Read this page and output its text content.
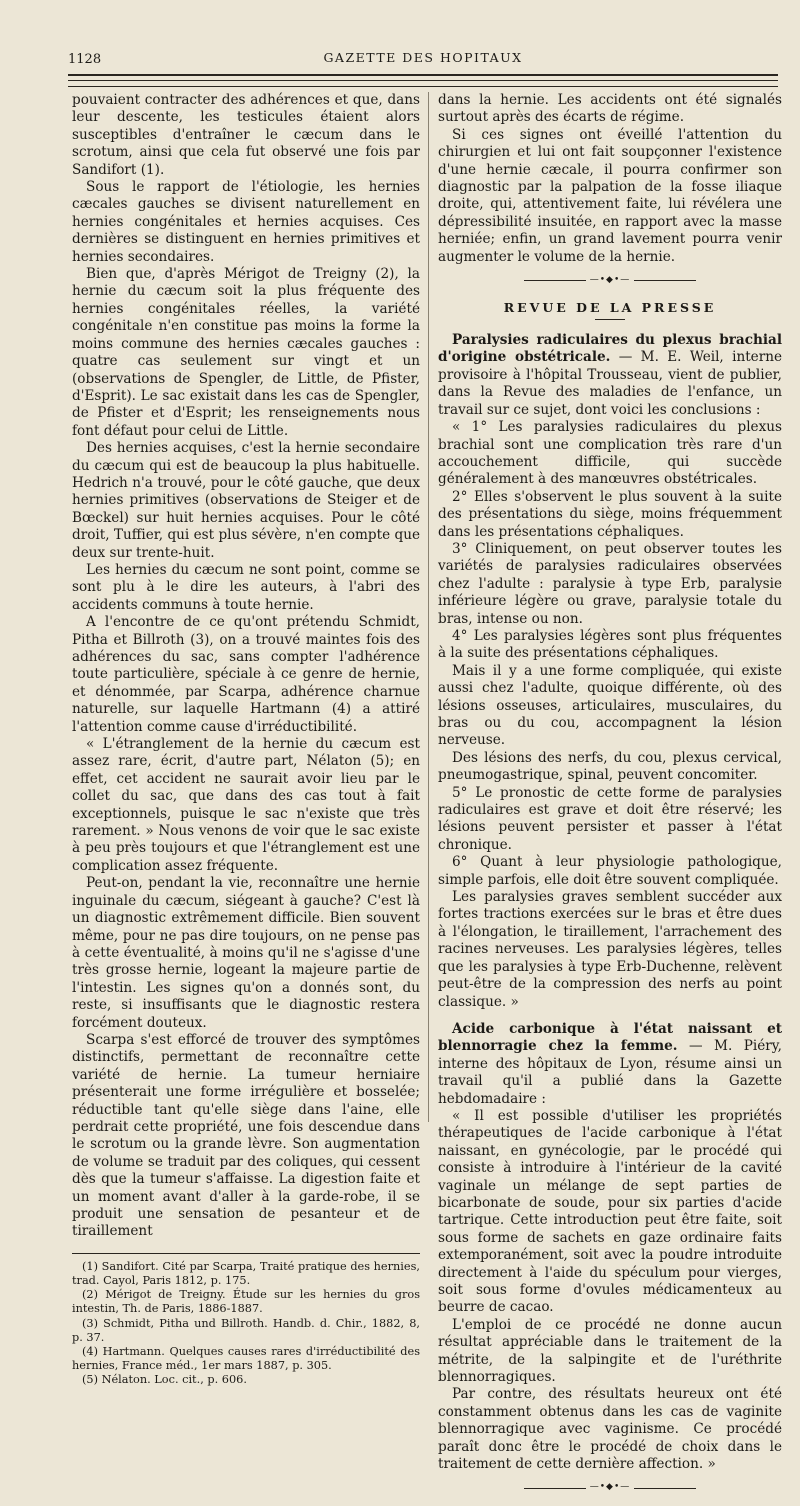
1128	GAZETTE DES HOPITAUX

pouvaient contracter des adhérences et que, dans leur descente, les testicules étaient alors susceptibles d'entraîner le cæcum dans le scrotum, ainsi que cela fut observé une fois par Sandifort (1).

Sous le rapport de l'étiologie, les hernies cæcales gauches se divisent naturellement en hernies congénitales et hernies acquises. Ces dernières se distinguent en hernies primitives et hernies secondaires.

Bien que, d'après Mérigot de Treigny (2), la hernie du cæcum soit la plus fréquente des hernies congénitales réelles, la variété congénitale n'en constitue pas moins la forme la moins commune des hernies cæcales gauches : quatre cas seulement sur vingt et un (observations de Spengler, de Little, de Pfister, d'Esprit). Le sac existait dans les cas de Spengler, de Pfister et d'Esprit; les renseignements nous font défaut pour celui de Little.

Des hernies acquises, c'est la hernie secondaire du cæcum qui est de beaucoup la plus habituelle. Hedrich n'a trouvé, pour le côté gauche, que deux hernies primitives (observations de Steiger et de Bœckel) sur huit hernies acquises. Pour le côté droit, Tuffier, qui est plus sévère, n'en compte que deux sur trente-huit.

Les hernies du cæcum ne sont point, comme se sont plu à le dire les auteurs, à l'abri des accidents communs à toute hernie.

A l'encontre de ce qu'ont prétendu Schmidt, Pitha et Billroth (3), on a trouvé maintes fois des adhérences du sac, sans compter l'adhérence toute particulière, spéciale à ce genre de hernie, et dénommée, par Scarpa, adhérence charnue naturelle, sur laquelle Hartmann (4) a attiré l'attention comme cause d'irréductibilité.

« L'étranglement de la hernie du cæcum est assez rare, écrit, d'autre part, Nélaton (5); en effet, cet accident ne saurait avoir lieu par le collet du sac, que dans des cas tout à fait exceptionnels, puisque le sac n'existe que très rarement. » Nous venons de voir que le sac existe à peu près toujours et que l'étranglement est une complication assez fréquente.

Peut-on, pendant la vie, reconnaître une hernie inguinale du cæcum, siégeant à gauche? C'est là un diagnostic extrêmement difficile. Bien souvent même, pour ne pas dire toujours, on ne pense pas à cette éventualité, à moins qu'il ne s'agisse d'une très grosse hernie, logeant la majeure partie de l'intestin. Les signes qu'on a donnés sont, du reste, si insuffisants que le diagnostic restera forcément douteux.

Scarpa s'est efforcé de trouver des symptômes distinctifs, permettant de reconnaître cette variété de hernie. La tumeur herniaire présenterait une forme irrégulière et bosselée; réductible tant qu'elle siège dans l'aine, elle perdrait cette propriété, une fois descendue dans le scrotum ou la grande lèvre. Son augmentation de volume se traduit par des coliques, qui cessent dès que la tumeur s'affaisse. La digestion faite et un moment avant d'aller à la garde-robe, il se produit une sensation de pesanteur et de tiraillement

(1) Sandifort. Cité par Scarpa, Traité pratique des hernies, trad. Cayol, Paris 1812, p. 175.

(2) Mérigot de Treigny. Étude sur les hernies du gros intestin, Th. de Paris, 1886-1887.

(3) Schmidt, Pitha und Billroth. Handb. d. Chir., 1882, 8, p. 37.

(4) Hartmann. Quelques causes rares d'irréductibilité des hernies, France méd., 1er mars 1887, p. 305.

(5) Nélaton. Loc. cit., p. 606.

dans la hernie. Les accidents ont été signalés surtout après des écarts de régime.

Si ces signes ont éveillé l'attention du chirurgien et lui ont fait soupçonner l'existence d'une hernie cæcale, il pourra confirmer son diagnostic par la palpation de la fosse iliaque droite, qui, attentivement faite, lui révélera une dépressibilité insuitée, en rapport avec la masse herniée; enfin, un grand lavement pourra venir augmenter le volume de la hernie.

—•◆•—
REVUE DE LA PRESSE

Paralysies radiculaires du plexus brachial d'origine obstétricale. — M. E. Weil, interne provisoire à l'hôpital Trousseau, vient de publier, dans la Revue des maladies de l'enfance, un travail sur ce sujet, dont voici les conclusions :

« 1° Les paralysies radiculaires du plexus brachial sont une complication très rare d'un accouchement difficile, qui succède généralement à des manœuvres obstétricales.

2° Elles s'observent le plus souvent à la suite des présentations du siège, moins fréquemment dans les présentations céphaliques.

3° Cliniquement, on peut observer toutes les variétés de paralysies radiculaires observées chez l'adulte : paralysie à type Erb, paralysie inférieure légère ou grave, paralysie totale du bras, intense ou non.

4° Les paralysies légères sont plus fréquentes à la suite des présentations céphaliques.

Mais il y a une forme compliquée, qui existe aussi chez l'adulte, quoique différente, où des lésions osseuses, articulaires, musculaires, du bras ou du cou, accompagnent la lésion nerveuse.

Des lésions des nerfs, du cou, plexus cervical, pneumogastrique, spinal, peuvent concomiter.

5° Le pronostic de cette forme de paralysies radiculaires est grave et doit être réservé; les lésions peuvent persister et passer à l'état chronique.

6° Quant à leur physiologie pathologique, simple parfois, elle doit être souvent compliquée.

Les paralysies graves semblent succéder aux fortes tractions exercées sur le bras et être dues à l'élongation, le tiraillement, l'arrachement des racines nerveuses. Les paralysies légères, telles que les paralysies à type Erb-Duchenne, relèvent peut-être de la compression des nerfs au point classique. »

Acide carbonique à l'état naissant et blennorragie chez la femme. — M. Piéry, interne des hôpitaux de Lyon, résume ainsi un travail qu'il a publié dans la Gazette hebdomadaire :

« Il est possible d'utiliser les propriétés thérapeutiques de l'acide carbonique à l'état naissant, en gynécologie, par le procédé qui consiste à introduire à l'intérieur de la cavité vaginale un mélange de sept parties de bicarbonate de soude, pour six parties d'acide tartrique. Cette introduction peut être faite, soit sous forme de sachets en gaze ordinaire faits extemporanément, soit avec la poudre introduite directement à l'aide du spéculum pour vierges, soit sous forme d'ovules médicamenteux au beurre de cacao.

L'emploi de ce procédé ne donne aucun résultat appréciable dans le traitement de la métrite, de la salpingite et de l'uréthrite blennorragiques.

Par contre, des résultats heureux ont été constamment obtenus dans les cas de vaginite blennorragique avec vaginisme. Ce procédé paraît donc être le procédé de choix dans le traitement de cette dernière affection. »

—•◆•—
